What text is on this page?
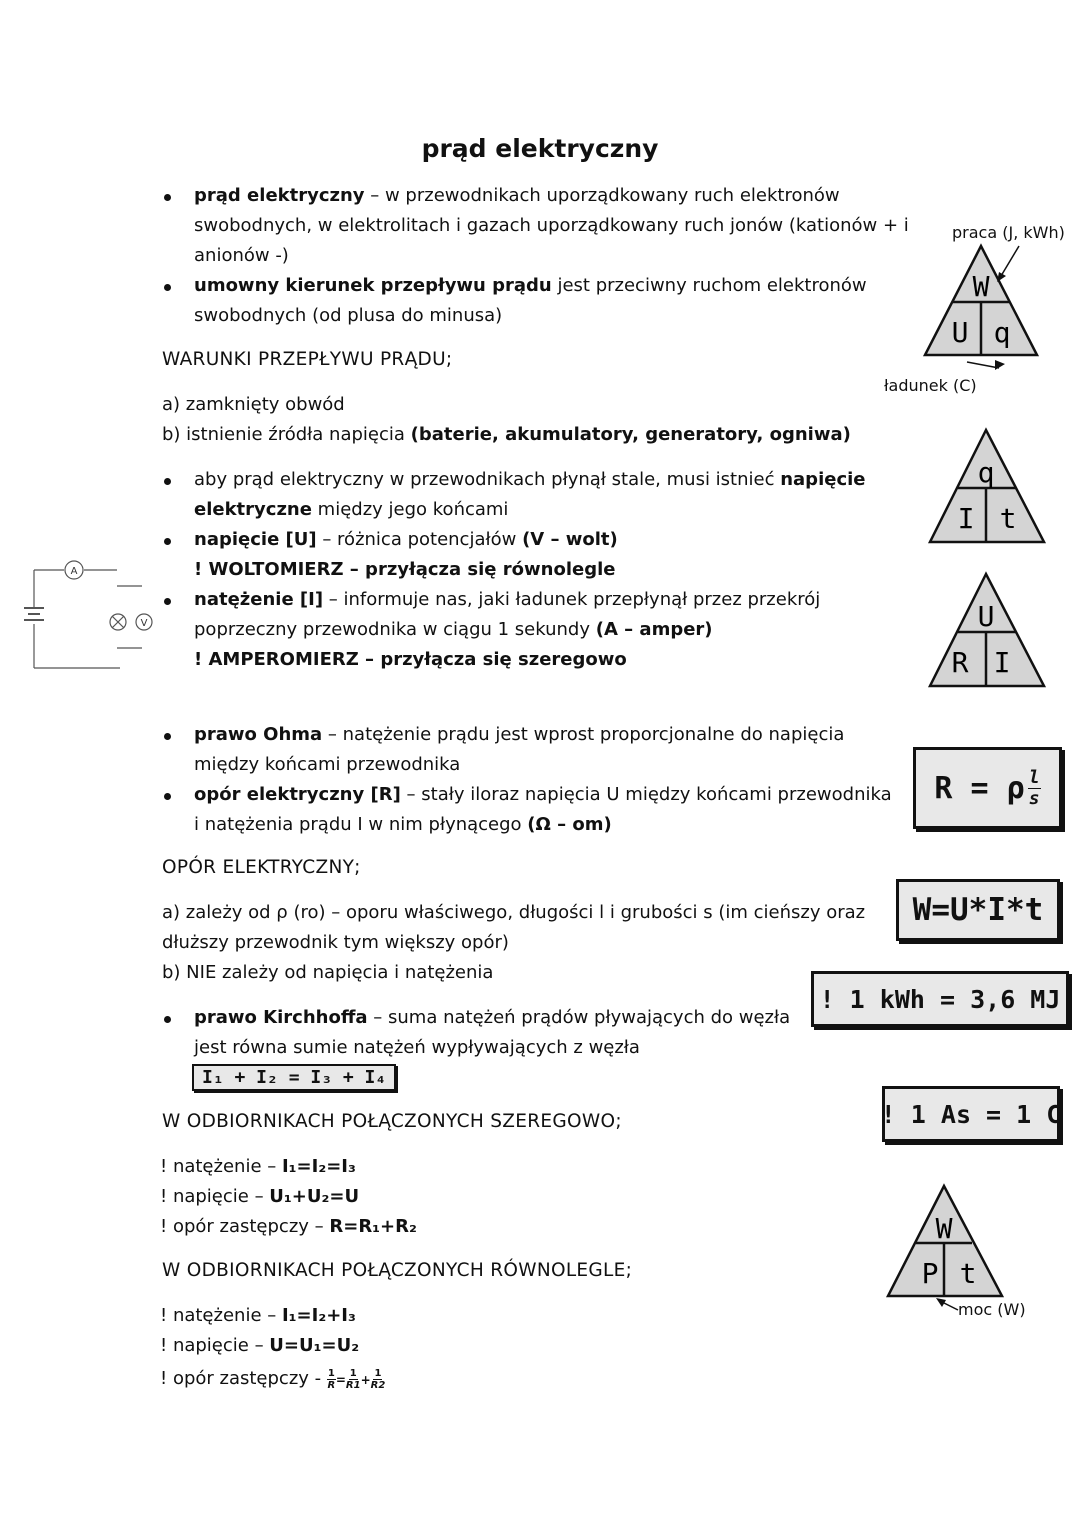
prąd elektryczny
prąd elektryczny – w przewodnikach uporządkowany ruch elektronów
swobodnych, w elektrolitach i gazach uporządkowany ruch jonów (kationów + i
anionów -)
umowny kierunek przepływu prądu jest przeciwny ruchom elektronów
swobodnych (od plusa do minusa)
WARUNKI PRZEPŁYWU PRĄDU;
a) zamknięty obwód
b) istnienie źródła napięcia (baterie, akumulatory, generatory, ogniwa)
aby prąd elektryczny w przewodnikach płynął stale, musi istnieć napięcie
elektryczne między jego końcami
napięcie [U] – różnica potencjałów (V – wolt)
! WOLTOMIERZ – przyłącza się równolegle
natężenie [I] – informuje nas, jaki ładunek przepłynął przez przekrój
poprzeczny przewodnika w ciągu 1 sekundy (A – amper)
! AMPEROMIERZ – przyłącza się szeregowo
A
V
prawo Ohma – natężenie prądu jest wprost proporcjonalne do napięcia
między końcami przewodnika
opór elektryczny [R] – stały iloraz napięcia U między końcami przewodnika
i natężenia prądu I w nim płynącego (Ω – om)
OPÓR ELEKTRYCZNY;
a) zależy od ρ (ro) – oporu właściwego, długości l i grubości s (im cieńszy oraz
dłuższy przewodnik tym większy opór)
b) NIE zależy od napięcia i natężenia
prawo Kirchhoffa – suma natężeń prądów pływających do węzła
jest równa sumie natężeń wypływających z węzła
I₁ + I₂ = I₃ + I₄
W ODBIORNIKACH POŁĄCZONYCH SZEREGOWO;
! natężenie – I₁=I₂=I₃
! napięcie – U₁+U₂=U
! opór zastępczy – R=R₁+R₂
W ODBIORNIKACH POŁĄCZONYCH RÓWNOLEGLE;
! natężenie – I₁=I₂+I₃
! napięcie – U=U₁=U₂
! opór zastępczy - $\frac{1}{R} = \frac{1}{R1} + \frac{1}{R2}$
praca (J, kWh)
W
U q
ładunek (C)
q
I t
U
R I
R = ρ $\frac{l}{s}$
W=U*I*t
! 1 kWh = 3,6 MJ
! 1 As = 1 C
W
P t
moc (W)
